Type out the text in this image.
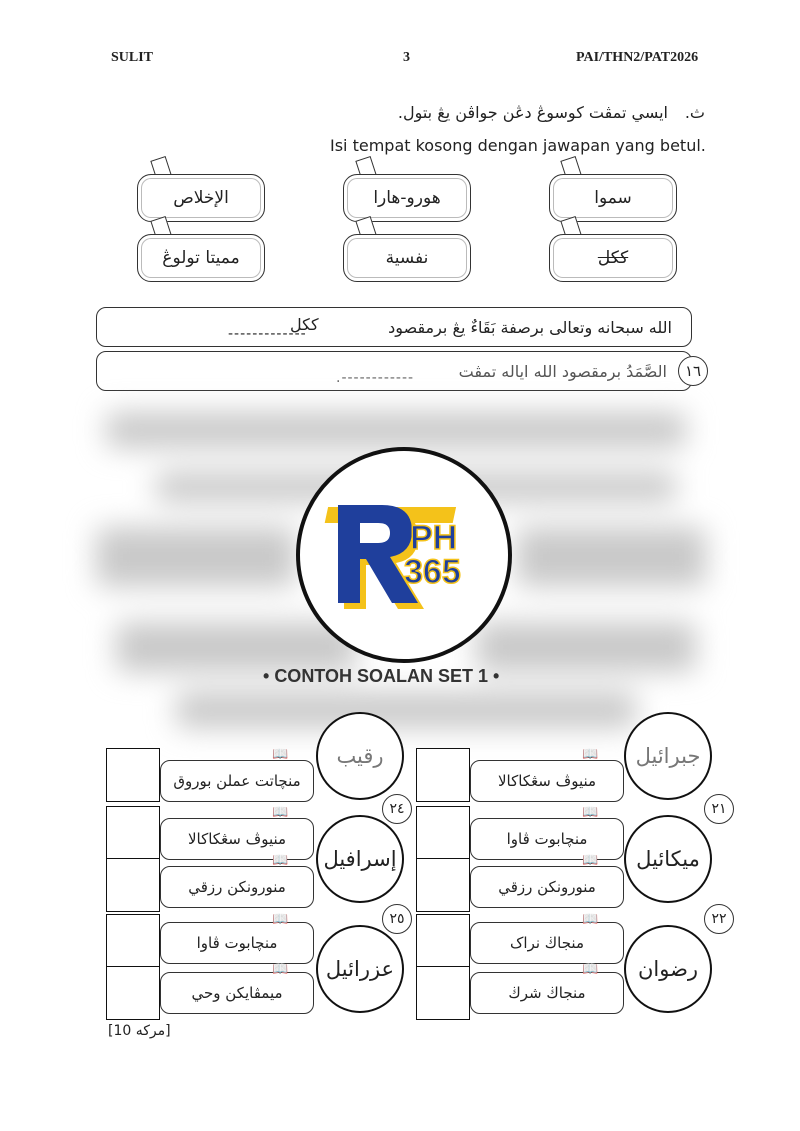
SULIT	3	PAI/THN2/PAT2026
ث.
ايسي تمڤت كوسوڠ دڠن جواڤن يڠ بتول.
Isi tempat kosong dengan jawapan yang betul.
الإخلاص	هورو-هارا	سموا
مميتا تولوڠ	نفسية	ككل
الله سبحانه وتعالى برصفة بَقَاءٌ يڠ برمقصود
-------------
ككل
١٦
الصَّمَدُ برمقصود الله اياله تمڤت
.------------
PH
365
• CONTOH SOALAN SET 1 •
جبرائيل
منيوڤ سڠكاكالا
📖
رقيب
منچاتت عملن بوروق
📖
٢١
ميكائيل
منچابوت ڤاوا
منورونكن رزقي
📖
📖
٢٤
إسرافيل
منيوڤ سڠكاكالا
منورونكن رزقي
📖
📖
٢٢
رضوان
منجاڬ نراک
منجاڬ شرڬ
📖
📖
٢٥
عزرائيل
منچابوت ڤاوا
ميمڤايكن وحي
📖
📖
[10 مركه]
